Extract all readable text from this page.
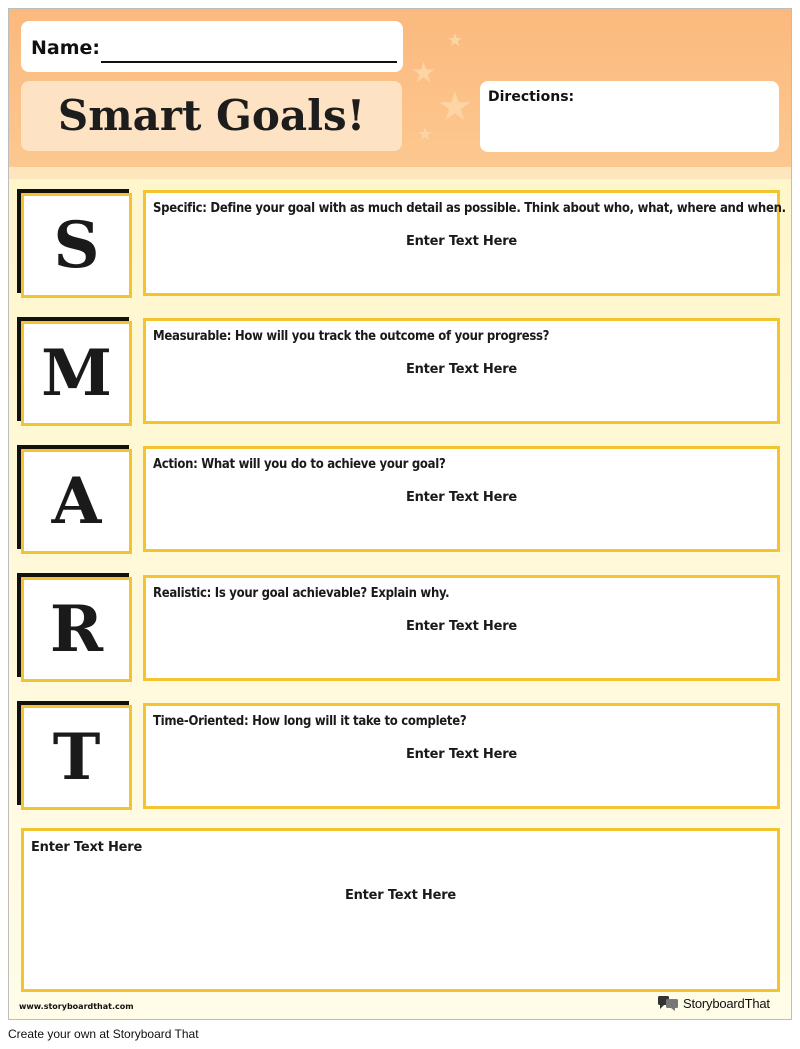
★
★
★
★
Name:
Smart Goals!	Directions:
S	Specific: Define your goal with as much detail as possible. Think about who, what, where and when.
Enter Text Here
M	Measurable: How will you track the outcome of your progress?
Enter Text Here
A	Action: What will you do to achieve your goal?
Enter Text Here
R	Realistic: Is your goal achievable? Explain why.
Enter Text Here
T	Time-Oriented: How long will it take to complete?
Enter Text Here
Enter Text Here
Enter Text Here
www.storyboardthat.com	StoryboardThat
Create your own at Storyboard That
